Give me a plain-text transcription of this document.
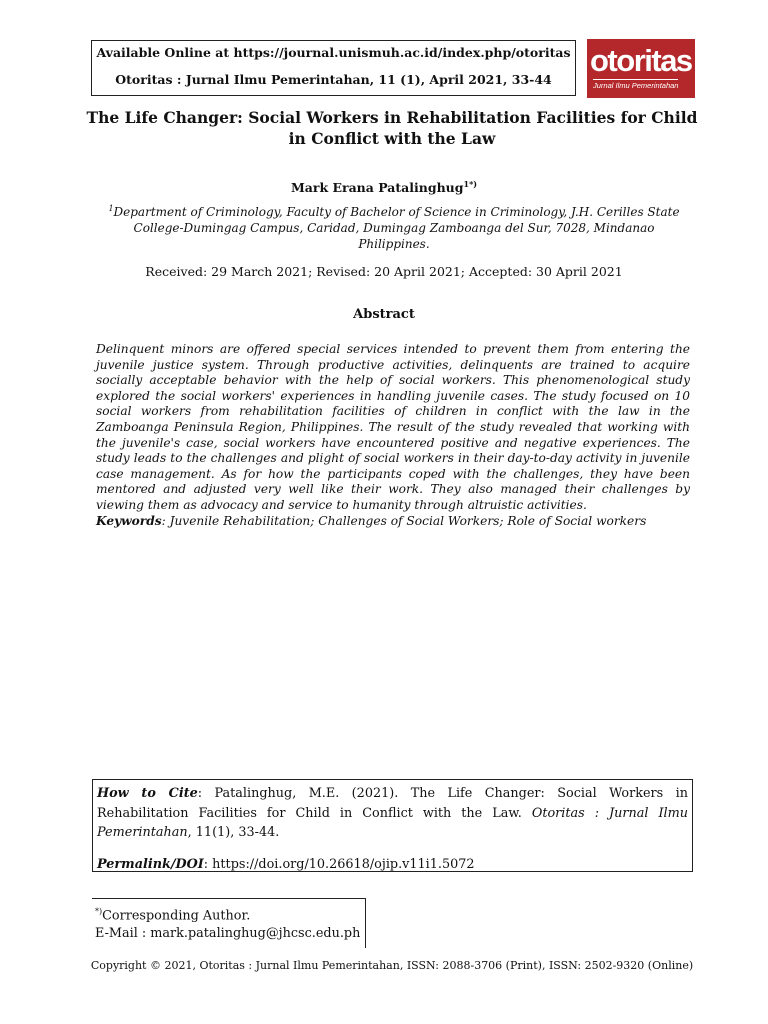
Available Online at https://journal.unismuh.ac.id/index.php/otoritas
Otoritas : Jurnal Ilmu Pemerintahan, 11 (1), April 2021, 33-44
otoritas
Jurnal Ilmu Pemerintahan
The Life Changer: Social Workers in Rehabilitation Facilities for Child in Conflict with the Law
Mark Erana Patalinghug$^{1*)}$
$^1$Department of Criminology, Faculty of Bachelor of Science in Criminology, J.H. Cerilles State College-Dumingag Campus, Caridad, Dumingag Zamboanga del Sur, 7028, Mindanao Philippines.
Received: 29 March 2021; Revised: 20 April 2021; Accepted: 30 April 2021
Abstract
Delinquent minors are offered special services intended to prevent them from entering the juvenile justice system. Through productive activities, delinquents are trained to acquire socially acceptable behavior with the help of social workers. This phenomenological study explored the social workers' experiences in handling juvenile cases. The study focused on 10 social workers from rehabilitation facilities of children in conflict with the law in the Zamboanga Peninsula Region, Philippines. The result of the study revealed that working with the juvenile's case, social workers have encountered positive and negative experiences. The study leads to the challenges and plight of social workers in their day-to-day activity in juvenile case management. As for how the participants coped with the challenges, they have been mentored and adjusted very well like their work. They also managed their challenges by viewing them as advocacy and service to humanity through altruistic activities.
Keywords: Juvenile Rehabilitation; Challenges of Social Workers; Role of Social workers
How to Cite: Patalinghug, M.E. (2021). The Life Changer: Social Workers in Rehabilitation Facilities for Child in Conflict with the Law. Otoritas : Jurnal Ilmu Pemerintahan, 11(1), 33-44.
Permalink/DOI: https://doi.org/10.26618/ojip.v11i1.5072
*)Corresponding Author.
E-Mail : mark.patalinghug@jhcsc.edu.ph
Copyright © 2021, Otoritas : Jurnal Ilmu Pemerintahan, ISSN: 2088-3706 (Print), ISSN: 2502-9320 (Online)
